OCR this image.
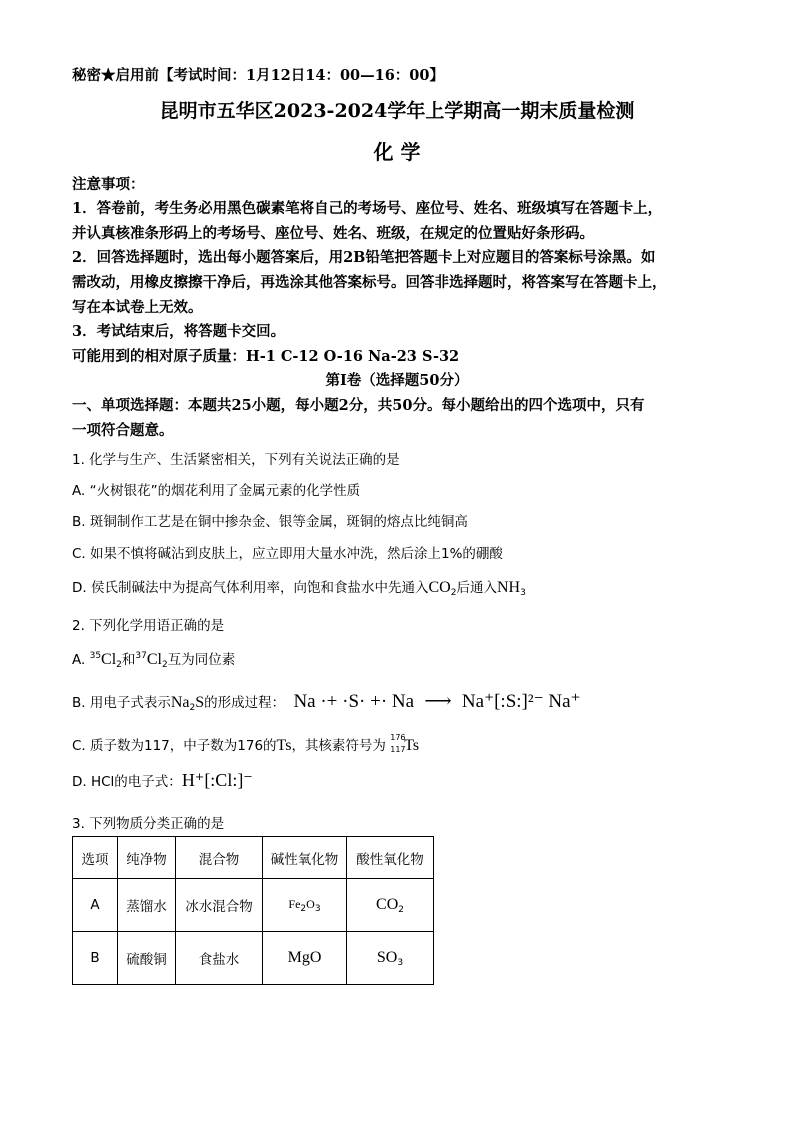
秘密★启用前【考试时间：1月12日14：00—16：00】
昆明市五华区2023-2024学年上学期高一期末质量检测
化 学
注意事项：
1．答卷前，考生务必用黑色碳素笔将自己的考场号、座位号、姓名、班级填写在答题卡上，
并认真核准条形码上的考场号、座位号、姓名、班级，在规定的位置贴好条形码。
2．回答选择题时，选出每小题答案后，用2B铅笔把答题卡上对应题目的答案标号涂黑。如
需改动，用橡皮擦擦干净后，再选涂其他答案标号。回答非选择题时，将答案写在答题卡上，
写在本试卷上无效。
3．考试结束后，将答题卡交回。
可能用到的相对原子质量：H-1 C-12 O-16 Na-23 S-32
第Ⅰ卷（选择题50分）
一、单项选择题：本题共25小题，每小题2分，共50分。每小题给出的四个选项中，只有
一项符合题意。
1. 化学与生产、生活紧密相关，下列有关说法正确的是
A. “火树银花”的烟花利用了金属元素的化学性质
B. 斑铜制作工艺是在铜中掺杂金、银等金属，斑铜的熔点比纯铜高
C. 如果不慎将碱沾到皮肤上，应立即用大量水冲洗，然后涂上1%的硼酸
D. 侯氏制碱法中为提高气体利用率，向饱和食盐水中先通入$CO_2$后通入$NH_3$
2. 下列化学用语正确的是
A. $^{35}Cl_2$和$^{37}Cl_2$互为同位素
B. 用电子式表示$Na_2S$的形成过程： Na ·+ ·S· +· Na ⟶ Na⁺[:S:]²⁻ Na⁺
C. 质子数为117，中子数为176的Ts，其核素符号为
176
117
Ts
D. HCl的电子式：H⁺[:Cl:]⁻
3. 下列物质分类正确的是
选项	纯净物	混合物	碱性氧化物	酸性氧化物
A	蒸馏水	冰水混合物	$Fe_2O_3$	$CO_2$
B	硫酸铜	食盐水	MgO	$SO_3$
